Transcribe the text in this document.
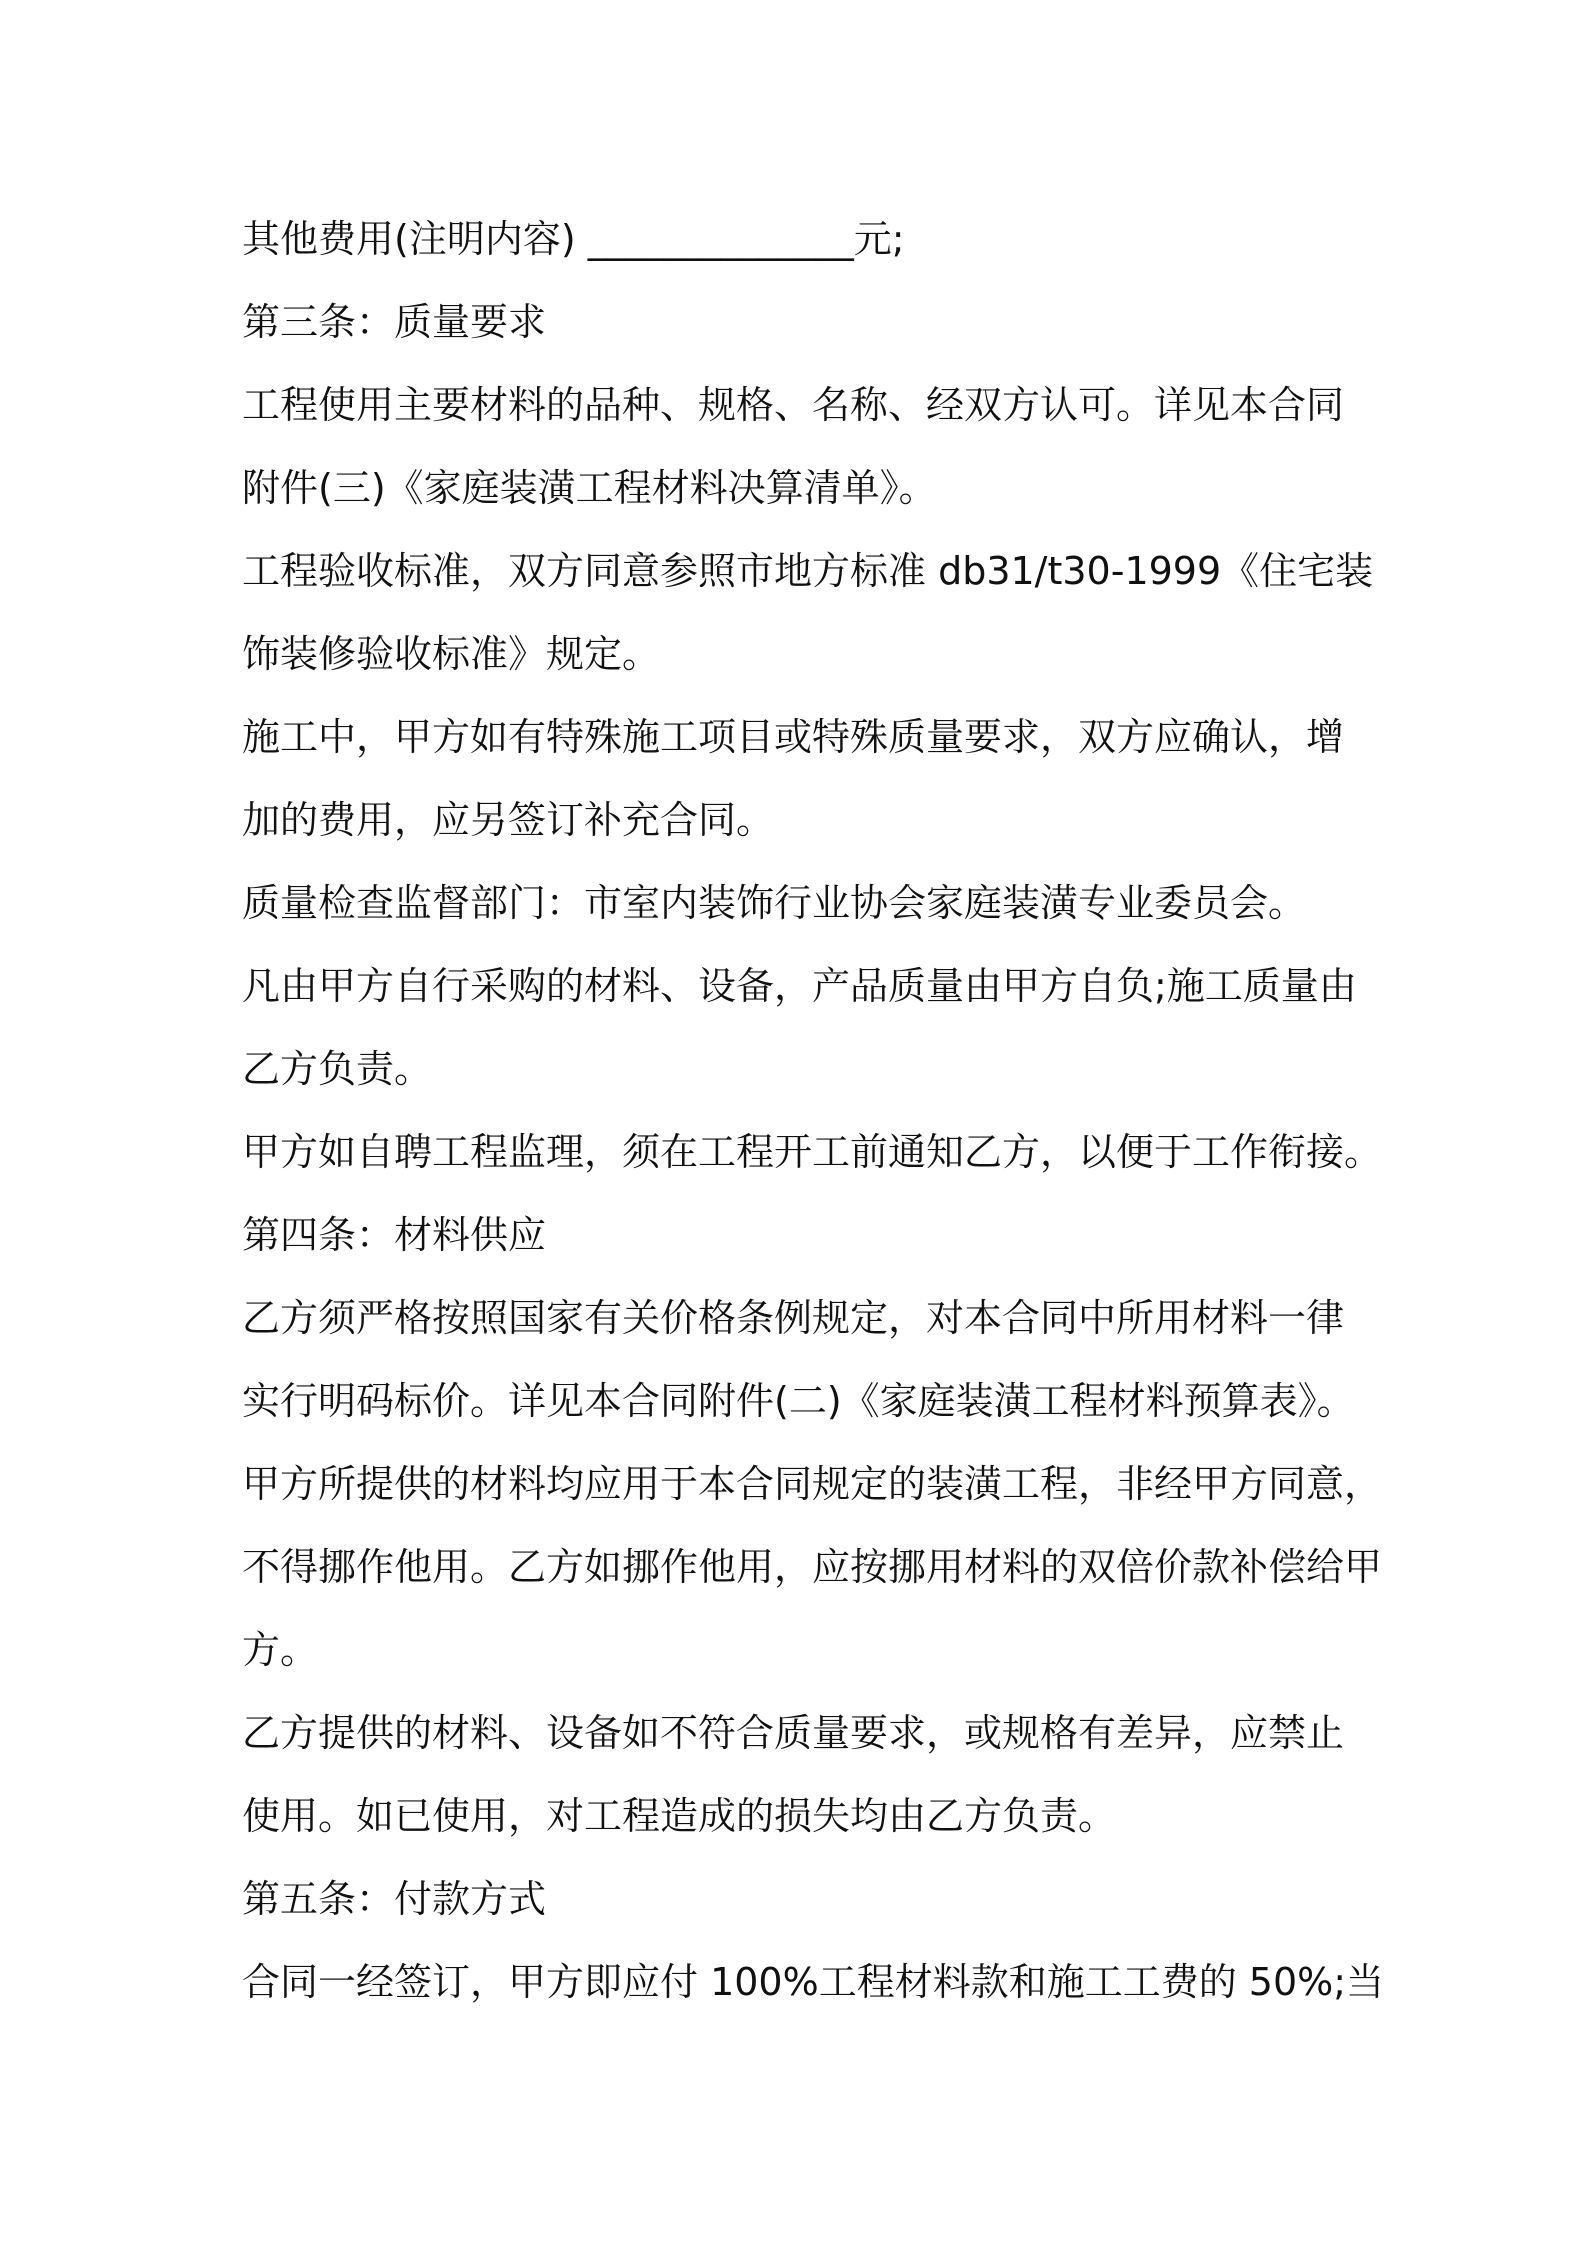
其他费用(注明内容) ______________元;
第三条：质量要求
工程使用主要材料的品种、规格、名称、经双方认可。详见本合同
附件(三)《家庭装潢工程材料决算清单》。
工程验收标准，双方同意参照市地方标准 db31/t30-1999《住宅装
饰装修验收标准》规定。
施工中，甲方如有特殊施工项目或特殊质量要求，双方应确认，增
加的费用，应另签订补充合同。
质量检查监督部门：市室内装饰行业协会家庭装潢专业委员会。
凡由甲方自行采购的材料、设备，产品质量由甲方自负;施工质量由
乙方负责。
甲方如自聘工程监理，须在工程开工前通知乙方，以便于工作衔接。
第四条：材料供应
乙方须严格按照国家有关价格条例规定，对本合同中所用材料一律
实行明码标价。详见本合同附件(二)《家庭装潢工程材料预算表》。
甲方所提供的材料均应用于本合同规定的装潢工程，非经甲方同意，
不得挪作他用。乙方如挪作他用，应按挪用材料的双倍价款补偿给甲
方。
乙方提供的材料、设备如不符合质量要求，或规格有差异，应禁止
使用。如已使用，对工程造成的损失均由乙方负责。
第五条：付款方式
合同一经签订，甲方即应付 100%工程材料款和施工工费的 50%;当
